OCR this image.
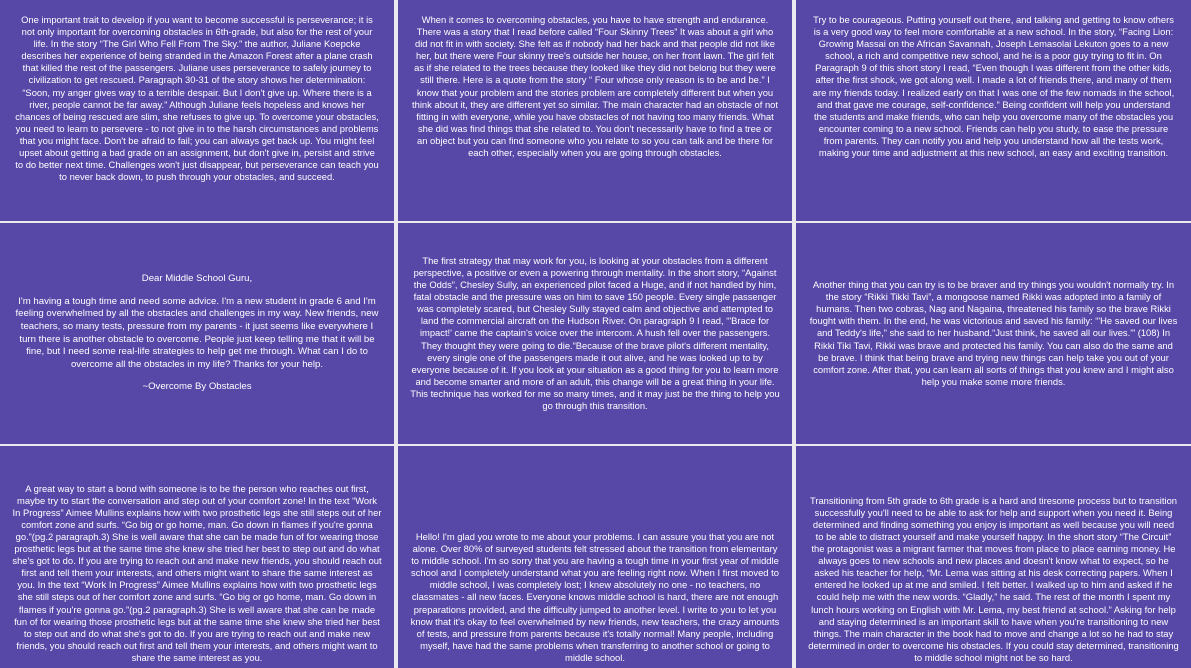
One important trait to develop if you want to become successful is perseverance; it is not only important for overcoming obstacles in 6th-grade, but also for the rest of your life. In the story “The Girl Who Fell From The Sky.” the author, Juliane Koepcke describes her experience of being stranded in the Amazon Forest after a plane crash that killed the rest of the passengers. Juliane uses perseverance to safely journey to civilization to get rescued. Paragraph 30-31 of the story shows her determination: “Soon, my anger gives way to a terrible despair. But I don't give up. Where there is a river, people cannot be far away.” Although Juliane feels hopeless and knows her chances of being rescued are slim, she refuses to give up. To overcome your obstacles, you need to learn to persevere - to not give in to the harsh circumstances and problems that you might face. Don't be afraid to fail; you can always get back up. You might feel upset about getting a bad grade on an assignment, but don't give in, persist and strive to do better next time. Challenges won't just disappear, but perseverance can teach you to never back down, to push through your obstacles, and succeed.

When it comes to overcoming obstacles, you have to have strength and endurance. There was a story that I read before called “Four Skinny Trees” It was about a girl who did not fit in with society. She felt as if nobody had her back and that people did not like her, but there were Four skinny tree's outside her house, on her front lawn. The girl felt as if she related to the trees because they looked like they did not belong but they were still there. Here is a quote from the story “ Four whose only reason is to be and be.” I know that your problem and the stories problem are completely different but when you think about it, they are different yet so similar. The main character had an obstacle of not fitting in with everyone, while you have obstacles of not having too many friends. What she did was find things that she related to. You don't necessarily have to find a tree or an object but you can find someone who you relate to so you can talk and be there for each other, especially when you are going through obstacles.

Try to be courageous. Putting yourself out there, and talking and getting to know others is a very good way to feel more comfortable at a new school. In the story, “Facing Lion: Growing Massai on the African Savannah, Joseph Lemasolai Lekuton goes to a new school, a rich and competitive new school, and he is a poor guy trying to fit in. On Paragraph 9 of this short story I read, “Even though I was different from the other kids, after the first shock, we got along well. I made a lot of friends there, and many of them are my friends today. I realized early on that I was one of the few nomads in the school, and that gave me courage, self-confidence.” Being confident will help you understand the students and make friends, who can help you overcome many of the obstacles you encounter coming to a new school. Friends can help you study, to ease the pressure from parents. They can notify you and help you understand how all the tests work, making your time and adjustment at this new school, an easy and exciting transition.

Dear Middle School Guru,

I'm having a tough time and need some advice. I'm a new student in grade 6 and I'm feeling overwhelmed by all the obstacles and challenges in my way. New friends, new teachers, so many tests, pressure from my parents - it just seems like everywhere I turn there is another obstacle to overcome. People just keep telling me that it will be fine, but I need some real-life strategies to help get me through. What can I do to overcome all the obstacles in my life? Thanks for your help.

~Overcome By Obstacles

The first strategy that may work for you, is looking at your obstacles from a different perspective, a positive or even a powering through mentality. In the short story, “Against the Odds”, Chesley Sully, an experienced pilot faced a Huge, and if not handled by him, fatal obstacle and the pressure was on him to save 150 people. Every single passenger was completely scared, but Chesley Sully stayed calm and objective and attempted to land the commercial aircraft on the Hudson River. On paragraph 9 I read, “'Brace for impact!' came the captain's voice over the intercom. A hush fell over the passengers. They thought they were going to die.”Because of the brave pilot's different mentality, every single one of the passengers made it out alive, and he was looked up to by everyone because of it. If you look at your situation as a good thing for you to learn more and become smarter and more of an adult, this change will be a great thing in your life. This technique has worked for me so many times, and it may just be the thing to help you go through this transition.

Another thing that you can try is to be braver and try things you wouldn't normally try. In the story “Rikki Tikki Tavi”, a mongoose named Rikki was adopted into a family of humans. Then two cobras, Nag and Nagaina, threatened his family so the brave Rikki fought with them. In the end, he was victorious and saved his family: “'He saved our lives and Teddy's life,” she said to her husband.“Just think, he saved all our lives.'” (108) In Rikki Tiki Tavi, Rikki was brave and protected his family. You can also do the same and be brave. I think that being brave and trying new things can help take you out of your comfort zone. After that, you can learn all sorts of things that you knew and I might also help you make some more friends.

A great way to start a bond with someone is to be the person who reaches out first, maybe try to start the conversation and step out of your comfort zone! In the text “Work In Progress” Aimee Mullins explains how with two prosthetic legs she still steps out of her comfort zone and surfs. “Go big or go home, man. Go down in flames if you're gonna go.”(pg.2 paragraph.3) She is well aware that she can be made fun of for wearing those prosthetic legs but at the same time she knew she tried her best to step out and do what she's got to do. If you are trying to reach out and make new friends, you should reach out first and tell them your interests, and others might want to share the same interest as you. In the text “Work In Progress” Aimee Mullins explains how with two prosthetic legs she still steps out of her comfort zone and surfs. “Go big or go home, man. Go down in flames if you're gonna go.”(pg.2 paragraph.3) She is well aware that she can be made fun of for wearing those prosthetic legs but at the same time she knew she tried her best to step out and do what she's got to do. If you are trying to reach out and make new friends, you should reach out first and tell them your interests, and others might want to share the same interest as you.

Hello! I'm glad you wrote to me about your problems. I can assure you that you are not alone. Over 80% of surveyed students felt stressed about the transition from elementary to middle school. I'm so sorry that you are having a tough time in your first year of middle school and I completely understand what you are feeling right now. When I first moved to middle school, I was completely lost; I knew absolutely no one - no teachers, no classmates - all new faces. Everyone knows middle school is hard, there are not enough preparations provided, and the difficulty jumped to another level. I write to you to let you know that it's okay to feel overwhelmed by new friends, new teachers, the crazy amounts of tests, and pressure from parents because it's totally normal! Many people, including myself, have had the same problems when transferring to another school or going to middle school.

Transitioning from 5th grade to 6th grade is a hard and tiresome process but to transition successfully you'll need to be able to ask for help and support when you need it. Being determined and finding something you enjoy is important as well because you will need to be able to distract yourself and make yourself happy. In the short story “The Circuit” the protagonist was a migrant farmer that moves from place to place earning money. He always goes to new schools and new places and doesn't know what to expect, so he asked his teacher for help, “Mr. Lema was sitting at his desk correcting papers. When I entered he looked up at me and smiled. I felt better. I walked up to him and asked if he could help me with the new words. “Gladly,” he said. The rest of the month I spent my lunch hours working on English with Mr. Lema, my best friend at school.” Asking for help and staying determined is an important skill to have when you're transitioning to new things. The main character in the book had to move and change a lot so he had to stay determined in order to overcome his obstacles. If you could stay determined, transitioning to middle school might not be so hard.
